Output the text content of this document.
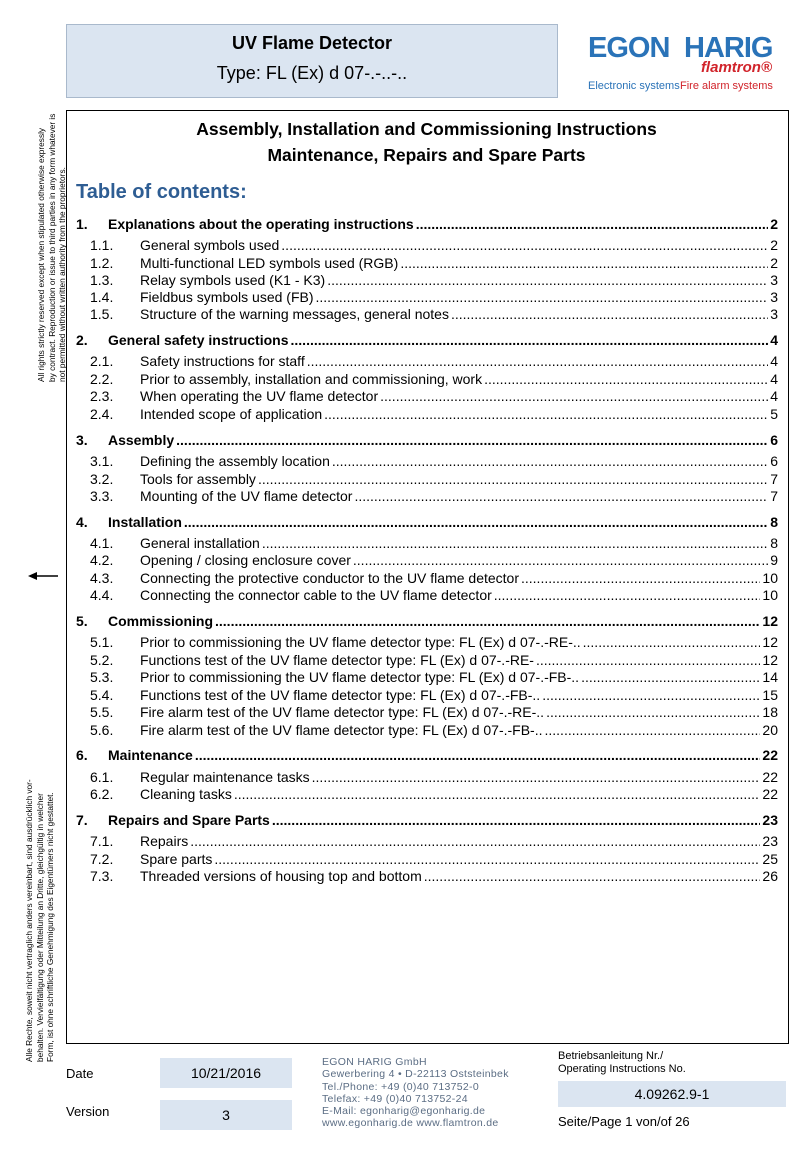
UV Flame Detector
Type: FL (Ex) d 07-.-..-..
EGON HARIG
flamtron®
Electronic systems Fire alarm systems
All rights strictly reserved except when stipulated otherwise expressly by contract. Reproduction or issue to third parties in any form whatever is not permitted without written authority from the proprietors.
Alle Rechte, soweit nicht vertraglich anders vereinbart, sind ausdrücklich vor- behalten. Vervielfältigung oder Mitteilung an Dritte, gleichgültig in welcher Form, ist ohne schriftliche Genehmigung des Eigentümers nicht gestattet.
Assembly, Installation and Commissioning Instructions
Maintenance, Repairs and Spare Parts
Table of contents:
1.	Explanations about the operating instructions .....	2
1.1.	General symbols used .....	2
1.2.	Multi-functional LED symbols used (RGB) .....	2
1.3.	Relay symbols used (K1 - K3) .....	3
1.4.	Fieldbus symbols used (FB) .....	3
1.5.	Structure of the warning messages, general notes .....	3
2.	General safety instructions .....	4
2.1.	Safety instructions for staff .....	4
2.2.	Prior to assembly, installation and commissioning, work .....	4
2.3.	When operating the UV flame detector .....	4
2.4.	Intended scope of application .....	5
3.	Assembly .....	6
3.1.	Defining the assembly location .....	6
3.2.	Tools for assembly .....	7
3.3.	Mounting of the UV flame detector .....	7
4.	Installation .....	8
4.1.	General installation .....	8
4.2.	Opening / closing enclosure cover .....	9
4.3.	Connecting the protective conductor to the UV flame detector .....	10
4.4.	Connecting the connector cable to the UV flame detector .....	10
5.	Commissioning .....	12
5.1.	Prior to commissioning the UV flame detector type: FL (Ex) d 07-.-RE-.. .....	12
5.2.	Functions test of the UV flame detector type: FL (Ex) d 07-.-RE- .....	12
5.3.	Prior to commissioning the UV flame detector type: FL (Ex) d 07-.-FB-.. .....	14
5.4.	Functions test of the UV flame detector type: FL (Ex) d 07-.-FB-.. .....	15
5.5.	Fire alarm test of the UV flame detector type: FL (Ex) d 07-.-RE-.. .....	18
5.6.	Fire alarm test of the UV flame detector type: FL (Ex) d 07-.-FB-.. .....	20
6.	Maintenance .....	22
6.1.	Regular maintenance tasks .....	22
6.2.	Cleaning tasks .....	22
7.	Repairs and Spare Parts .....	23
7.1.	Repairs .....	23
7.2.	Spare parts .....	25
7.3.	Threaded versions of housing top and bottom .....	26
Date	10/21/2016
Version	3
EGON HARIG GmbH
Gewerbering 4 • D-22113 Oststeinbek
Tel./Phone: +49 (0)40 713752-0
Telefax: +49 (0)40 713752-24
E-Mail: egonharig@egonharig.de
www.egonharig.de www.flamtron.de
Betriebsanleitung Nr./
Operating Instructions No.
4.09262.9-1
Seite/Page 1 von/of 26
